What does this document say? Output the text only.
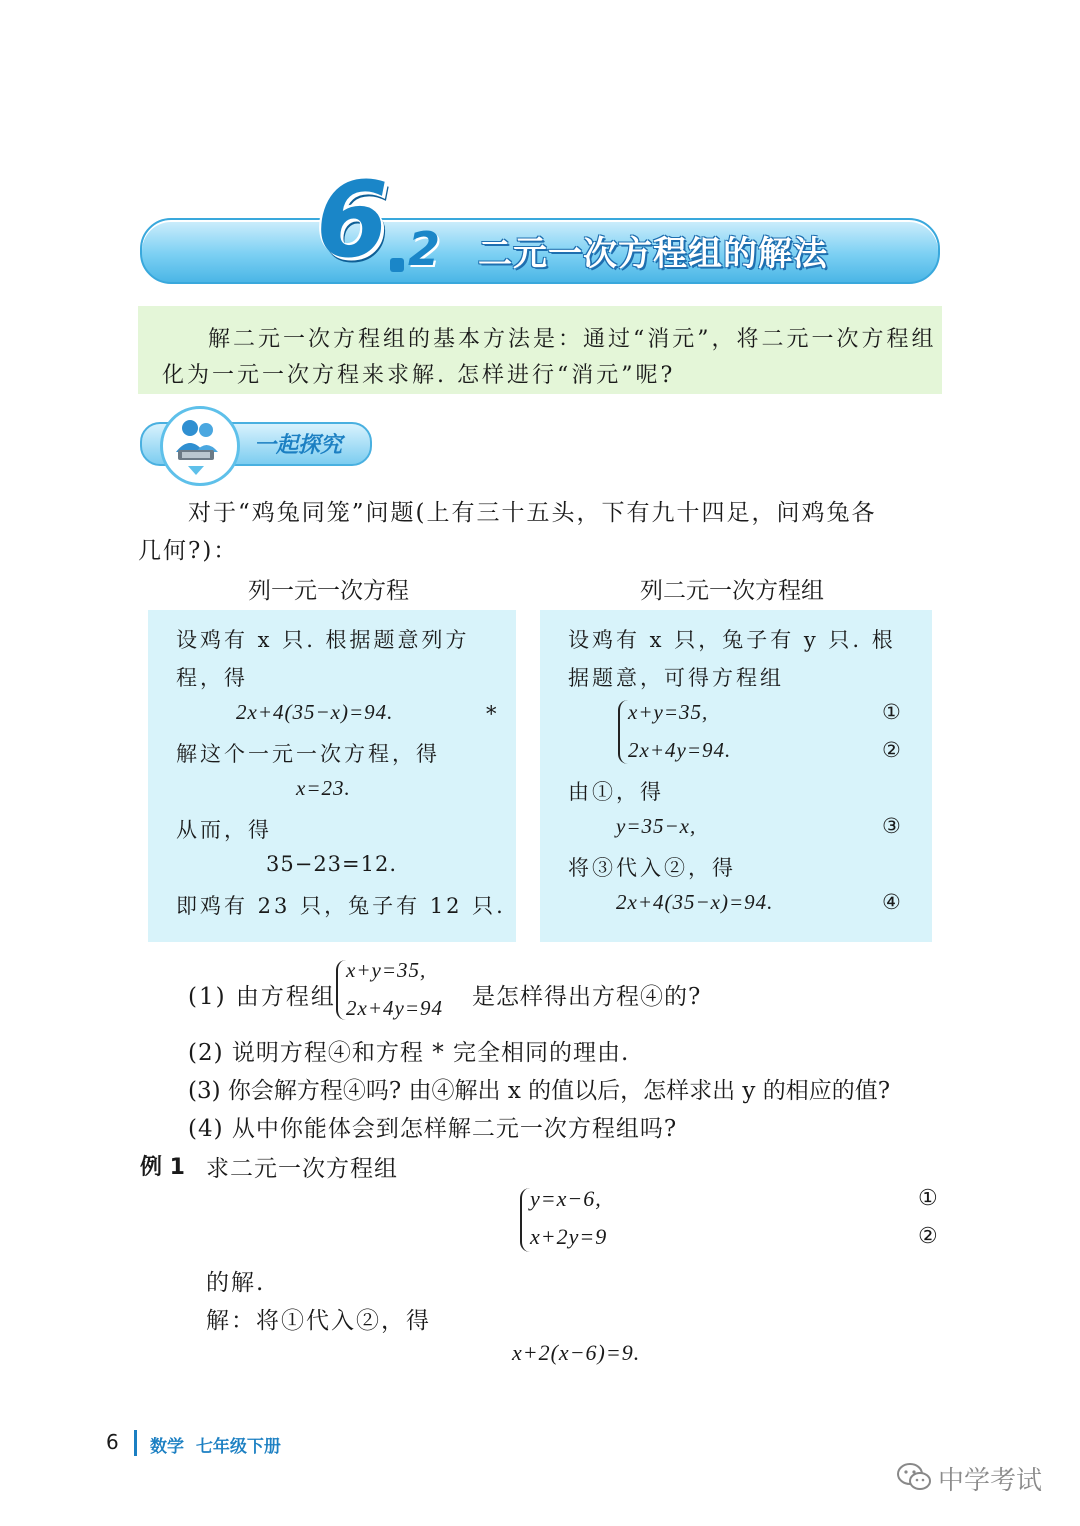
6 2 二元一次方程组的解法
解二元一次方程组的基本方法是：通过“消元”，将二元一次方程组
化为一元一次方程来求解. 怎样进行“消元”呢?
一起探究
对于“鸡兔同笼”问题(上有三十五头，下有九十四足，问鸡兔各
几何?)：
列一元一次方程	列二元一次方程组
设鸡有 x 只. 根据题意列方
程，得
2x+4(35−x)=94.	*
解这个一元一次方程，得
x=23.
从而，得
35−23=12.
即鸡有 23 只，兔子有 12 只.
设鸡有 x 只，兔子有 y 只. 根
据题意，可得方程组
x+y=35,	①
2x+4y=94.	②
由①，得
y=35−x,	③
将③代入②，得
2x+4(35−x)=94.	④
(1) 由方程组
x+y=35,
2x+4y=94 是怎样得出方程④的?
(2) 说明方程④和方程 * 完全相同的理由.
(3) 你会解方程④吗? 由④解出 x 的值以后，怎样求出 y 的相应的值?
(4) 从中你能体会到怎样解二元一次方程组吗?
例 1 求二元一次方程组
y=x−6,
x+2y=9
①
②
的解.
解：将①代入②，得
x+2(x−6)=9.
6 数学  七年级下册
中学考试
